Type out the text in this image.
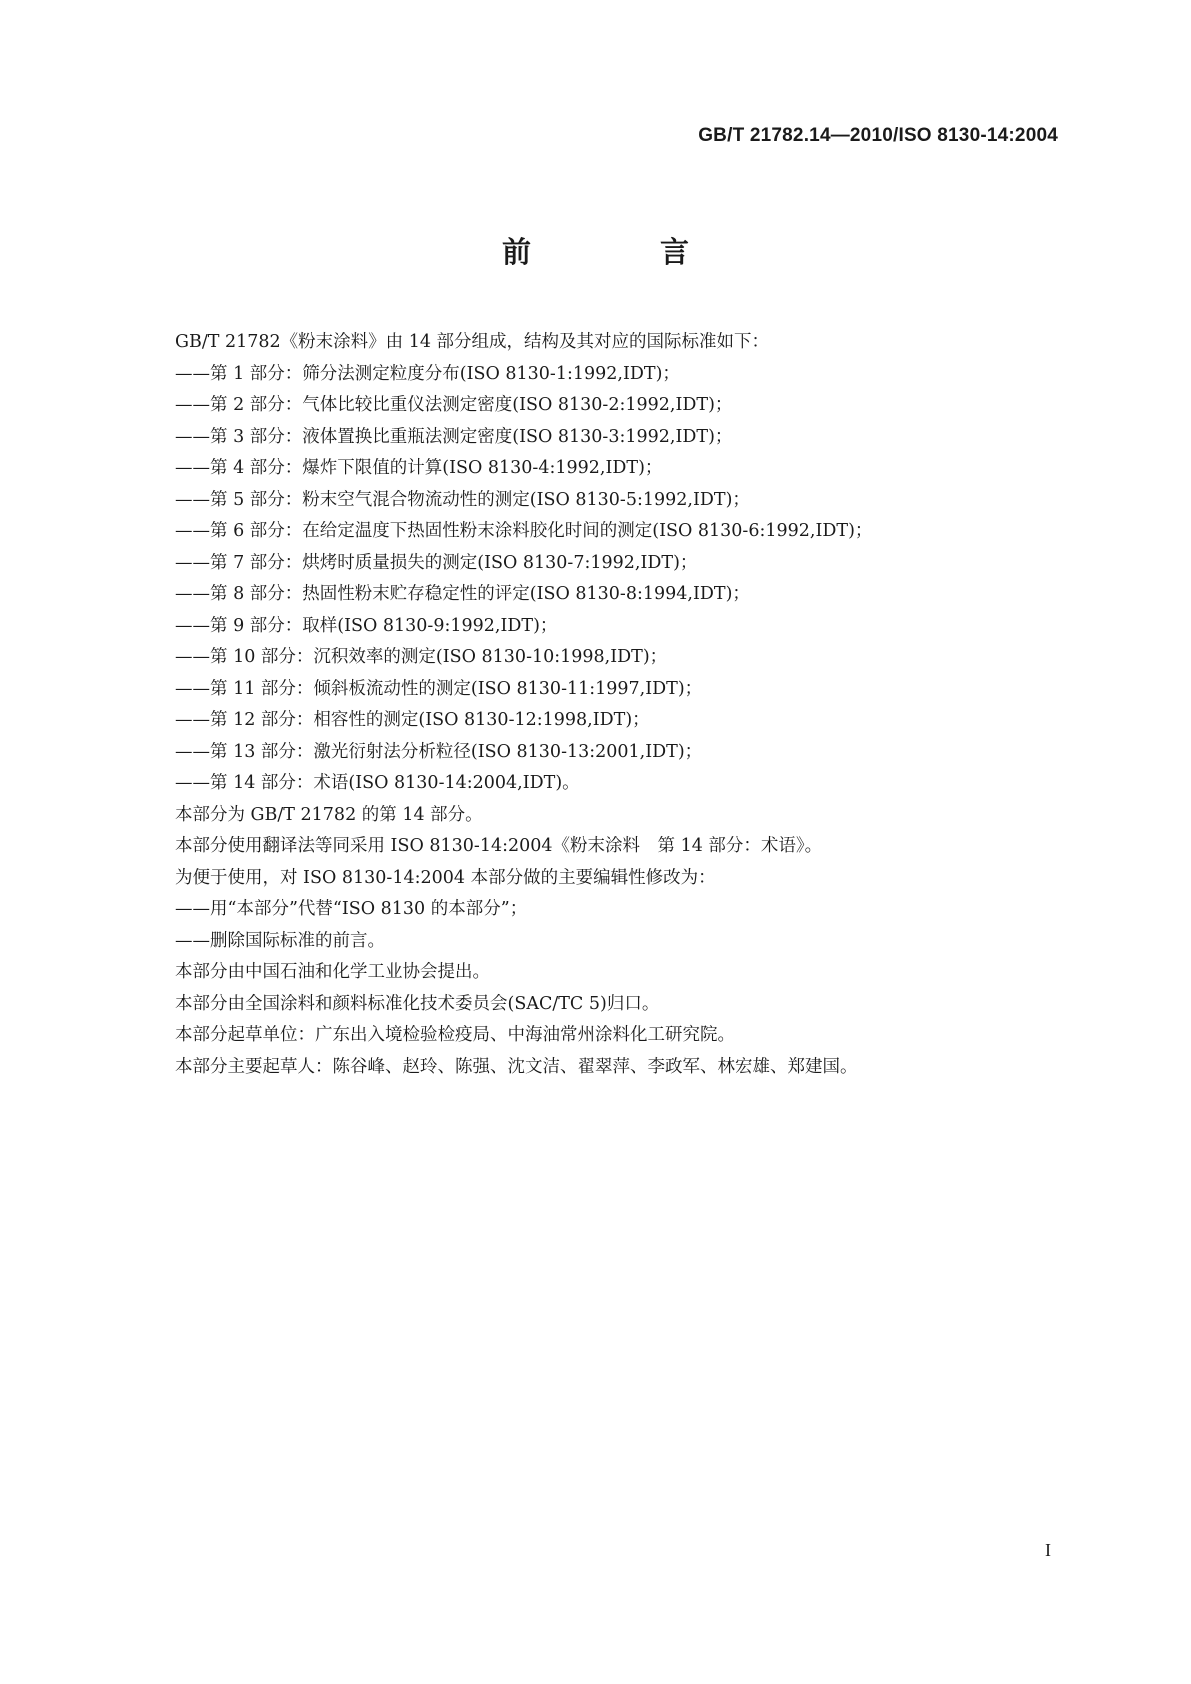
GB/T 21782.14—2010/ISO 8130-14:2004
前　言
GB/T 21782《粉末涂料》由 14 部分组成，结构及其对应的国际标准如下：
——第 1 部分：筛分法测定粒度分布(ISO 8130-1:1992,IDT)；
——第 2 部分：气体比较比重仪法测定密度(ISO 8130-2:1992,IDT)；
——第 3 部分：液体置换比重瓶法测定密度(ISO 8130-3:1992,IDT)；
——第 4 部分：爆炸下限值的计算(ISO 8130-4:1992,IDT)；
——第 5 部分：粉末空气混合物流动性的测定(ISO 8130-5:1992,IDT)；
——第 6 部分：在给定温度下热固性粉末涂料胶化时间的测定(ISO 8130-6:1992,IDT)；
——第 7 部分：烘烤时质量损失的测定(ISO 8130-7:1992,IDT)；
——第 8 部分：热固性粉末贮存稳定性的评定(ISO 8130-8:1994,IDT)；
——第 9 部分：取样(ISO 8130-9:1992,IDT)；
——第 10 部分：沉积效率的测定(ISO 8130-10:1998,IDT)；
——第 11 部分：倾斜板流动性的测定(ISO 8130-11:1997,IDT)；
——第 12 部分：相容性的测定(ISO 8130-12:1998,IDT)；
——第 13 部分：激光衍射法分析粒径(ISO 8130-13:2001,IDT)；
——第 14 部分：术语(ISO 8130-14:2004,IDT)。
本部分为 GB/T 21782 的第 14 部分。
本部分使用翻译法等同采用 ISO 8130-14:2004《粉末涂料　第 14 部分：术语》。
为便于使用，对 ISO 8130-14:2004 本部分做的主要编辑性修改为：
——用“本部分”代替“ISO 8130 的本部分”；
——删除国际标准的前言。
本部分由中国石油和化学工业协会提出。
本部分由全国涂料和颜料标准化技术委员会(SAC/TC 5)归口。
本部分起草单位：广东出入境检验检疫局、中海油常州涂料化工研究院。
本部分主要起草人：陈谷峰、赵玲、陈强、沈文洁、翟翠萍、李政军、林宏雄、郑建国。
I
